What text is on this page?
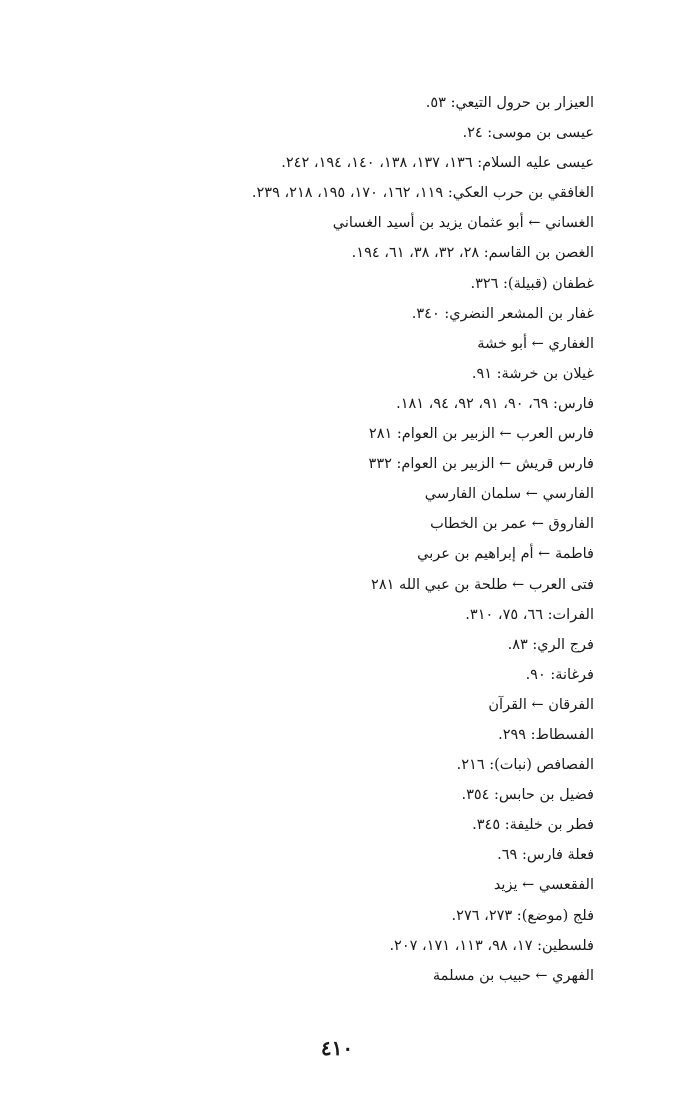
العيزار بن حرول التيعي: ٥٣.
عيسى بن موسى: ٢٤.
عيسى عليه السلام: ١٣٦، ١٣٧، ١٣٨، ١٤٠، ١٩٤، ٢٤٢.
الغافقي بن حرب العكي: ١١٩، ١٦٢، ١٧٠، ١٩٥، ٢١٨، ٢٣٩.
الغساني ← أبو عثمان يزيد بن أسيد الغساني
الغصن بن القاسم: ٢٨، ٣٢، ٣٨، ٦١، ١٩٤.
غطفان (قبيلة): ٣٢٦.
غفار بن المشعر النضري: ٣٤٠.
الغفاري ← أبو خشة
غيلان بن خرشة: ٩١.
فارس: ٦٩، ٩٠، ٩١، ٩٢، ٩٤، ١٨١.
فارس العرب ← الزبير بن العوام: ٢٨١
فارس قريش ← الزبير بن العوام: ٣٣٢
الفارسي ← سلمان الفارسي
الفاروق ← عمر بن الخطاب
فاطمة ← أم إبراهيم بن عربي
فتى العرب ← طلحة بن عبي الله ٢٨١
الفرات: ٦٦، ٧٥، ٣١٠.
فرج الري: ٨٣.
فرغانة: ٩٠.
الفرقان ← القرآن
الفسطاط: ٢٩٩.
الفصافص (نبات): ٢١٦.
فضيل بن حابس: ٣٥٤.
فطر بن خليفة: ٣٤٥.
فعلة فارس: ٦٩.
الفقعسي ← يزيد
فلج (موضع): ٢٧٣، ٢٧٦.
فلسطين: ١٧، ٩٨، ١١٣، ١٧١، ٢٠٧.
الفهري ← حبيب بن مسلمة
٤١٠
